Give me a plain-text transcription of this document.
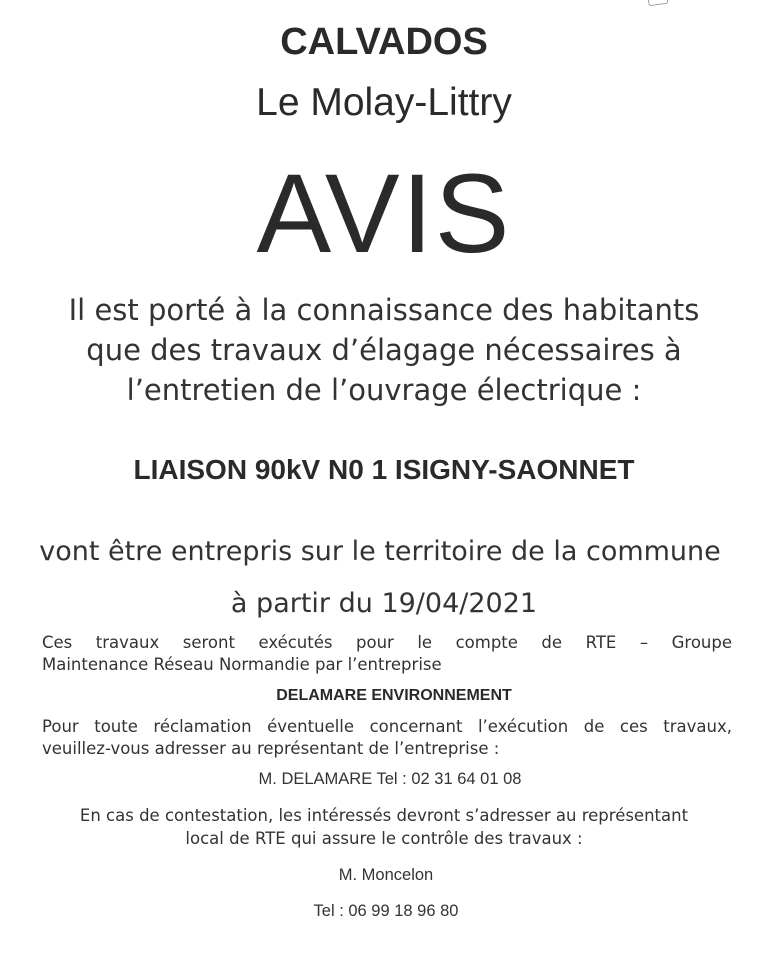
CALVADOS
Le Molay-Littry
AVIS
Il est porté à la connaissance des habitants
que des travaux d’élagage nécessaires à
l’entretien de l’ouvrage électrique :
LIAISON 90kV N0 1 ISIGNY-SAONNET
vont être entrepris sur le territoire de la commune
à partir du 19/04/2021
Ces travaux seront exécutés pour le compte de RTE – Groupe
Maintenance Réseau Normandie par l’entreprise
DELAMARE ENVIRONNEMENT
Pour toute réclamation éventuelle concernant l’exécution de ces travaux,
veuillez-vous adresser au représentant de l’entreprise :
M. DELAMARE Tel : 02 31 64 01 08
En cas de contestation, les intéressés devront s’adresser au représentant
local de RTE qui assure le contrôle des travaux :
M. Moncelon
Tel : 06 99 18 96 80
